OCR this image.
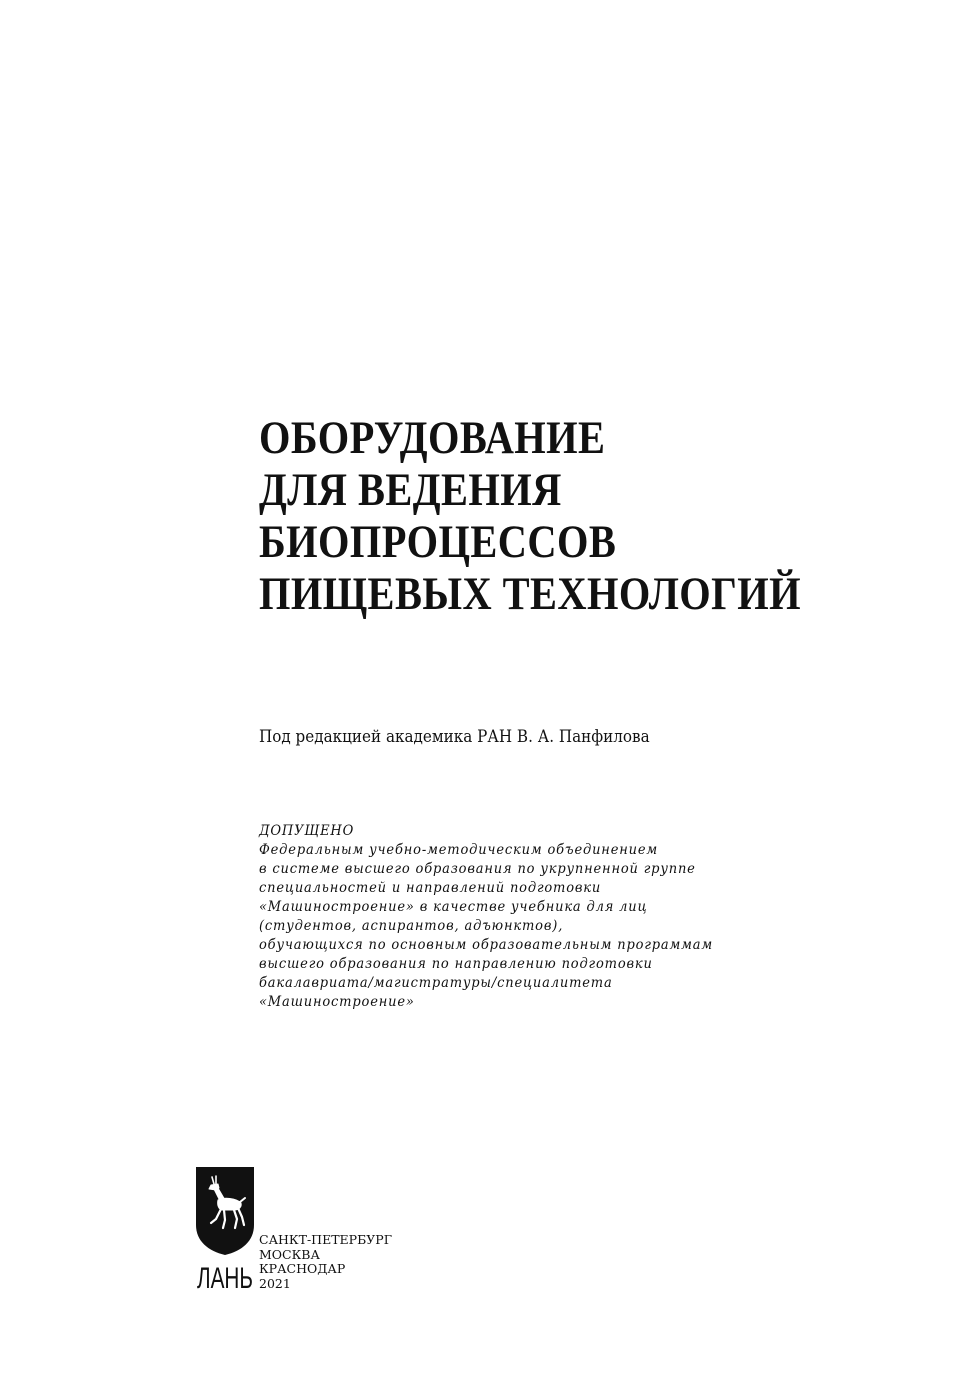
ОБОРУДОВАНИЕ
ДЛЯ ВЕДЕНИЯ
БИОПРОЦЕССОВ
ПИЩЕВЫХ ТЕХНОЛОГИЙ
Под редакцией академика РАН В. А. Панфилова
ДОПУЩЕНО
Федеральным учебно-методическим объединением
в системе высшего образования по укрупненной группе
специальностей и направлений подготовки
«Машиностроение» в качестве учебника для лиц
(студентов, аспирантов, адъюнктов),
обучающихся по основным образовательным программам
высшего образования по направлению подготовки
бакалавриата/магистратуры/специалитета
«Машиностроение»
ЛАНЬ
САНКТ-ПЕТЕРБУРГ
МОСКВА
КРАСНОДАР
2021
